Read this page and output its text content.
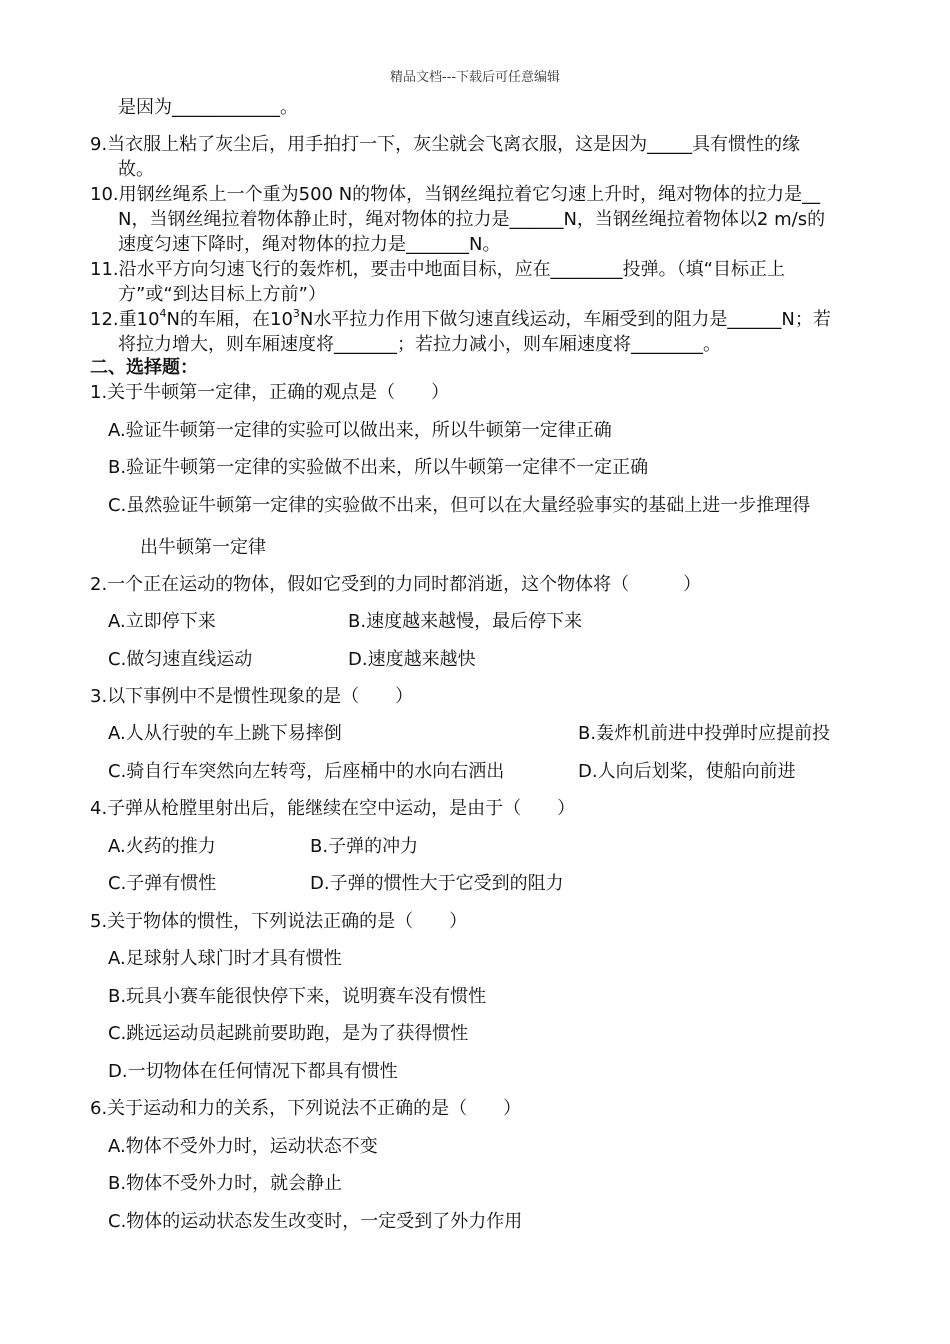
精品文档---下载后可任意编辑
是因为____________。
9.当衣服上粘了灰尘后，用手拍打一下，灰尘就会飞离衣服，这是因为_____具有惯性的缘
故。
10.用钢丝绳系上一个重为500 N的物体，当钢丝绳拉着它匀速上升时，绳对物体的拉力是__
N，当钢丝绳拉着物体静止时，绳对物体的拉力是______N，当钢丝绳拉着物体以2 m/s的
速度匀速下降时，绳对物体的拉力是_______N。
11.沿水平方向匀速飞行的轰炸机，要击中地面目标，应在________投弹。（填“目标正上
方”或“到达目标上方前”）
12.重$10^4N$的车厢，在$10^3N$水平拉力作用下做匀速直线运动，车厢受到的阻力是______N；若
将拉力增大，则车厢速度将_______；若拉力减小，则车厢速度将________。
二、选择题：
1.关于牛顿第一定律，正确的观点是（　　）
A.验证牛顿第一定律的实验可以做出来，所以牛顿第一定律正确
B.验证牛顿第一定律的实验做不出来，所以牛顿第一定律不一定正确
C.虽然验证牛顿第一定律的实验做不出来，但可以在大量经验事实的基础上进一步推理得
出牛顿第一定律
2.一个正在运动的物体，假如它受到的力同时都消逝，这个物体将（　　　）
A.立即停下来	B.速度越来越慢，最后停下来
C.做匀速直线运动	D.速度越来越快
3.以下事例中不是惯性现象的是（　　）
A.人从行驶的车上跳下易摔倒	B.轰炸机前进中投弹时应提前投
C.骑自行车突然向左转弯，后座桶中的水向右洒出	D.人向后划桨，使船向前进
4.子弹从枪膛里射出后，能继续在空中运动，是由于（　　）
A.火药的推力	B.子弹的冲力
C.子弹有惯性	D.子弹的惯性大于它受到的阻力
5.关于物体的惯性，下列说法正确的是（　　）
A.足球射人球门时才具有惯性
B.玩具小赛车能很快停下来，说明赛车没有惯性
C.跳远运动员起跳前要助跑，是为了获得惯性
D.一切物体在任何情况下都具有惯性
6.关于运动和力的关系，下列说法不正确的是（　　）
A.物体不受外力时，运动状态不变
B.物体不受外力时，就会静止
C.物体的运动状态发生改变时，一定受到了外力作用
